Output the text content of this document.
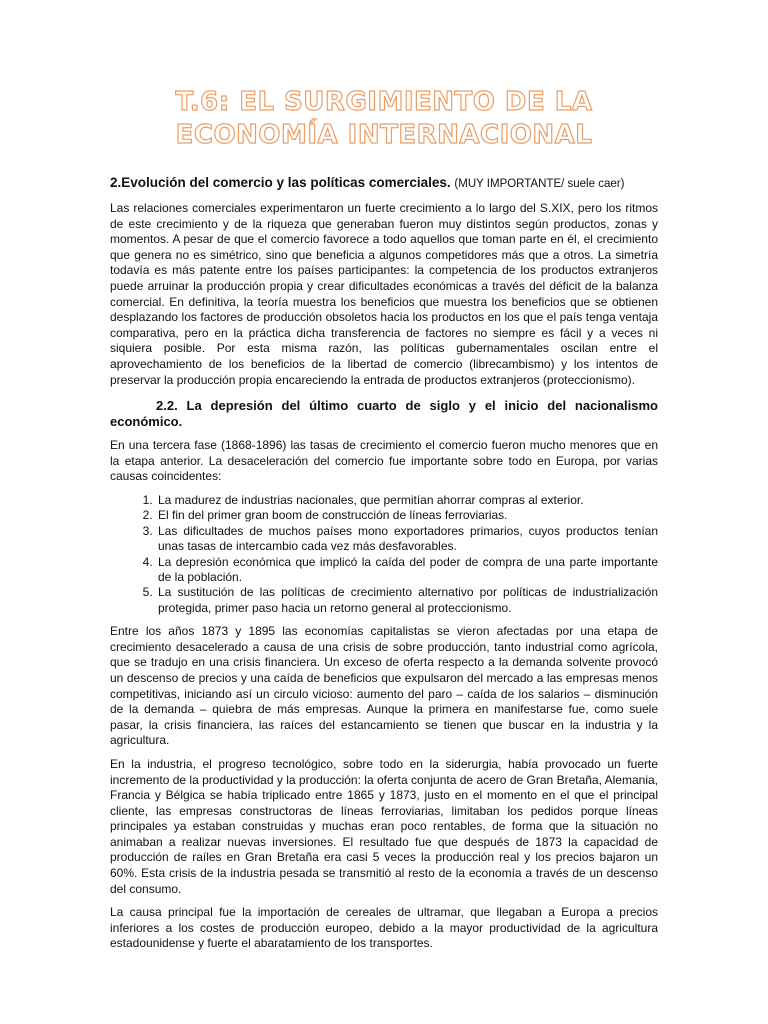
T.6: EL SURGIMIENTO DE LA
ECONOMÍA INTERNACIONAL
2.Evolución del comercio y las políticas comerciales. (MUY IMPORTANTE/ suele caer)

Las relaciones comerciales experimentaron un fuerte crecimiento a lo largo del S.XIX, pero los ritmos de este crecimiento y de la riqueza que generaban fueron muy distintos según productos, zonas y momentos. A pesar de que el comercio favorece a todo aquellos que toman parte en él, el crecimiento que genera no es simétrico, sino que beneficia a algunos competidores más que a otros. La simetría todavía es más patente entre los países participantes: la competencia de los productos extranjeros puede arruinar la producción propia y crear dificultades económicas a través del déficit de la balanza comercial. En definitiva, la teoría muestra los beneficios que muestra los beneficios que se obtienen desplazando los factores de producción obsoletos hacia los productos en los que el país tenga ventaja comparativa, pero en la práctica dicha transferencia de factores no siempre es fácil y a veces ni siquiera posible. Por esta misma razón, las políticas gubernamentales oscilan entre el aprovechamiento de los beneficios de la libertad de comercio (librecambismo) y los intentos de preservar la producción propia encareciendo la entrada de productos extranjeros (proteccionismo).

2.2. La depresión del último cuarto de siglo y el inicio del nacionalismo económico.

En una tercera fase (1868-1896) las tasas de crecimiento el comercio fueron mucho menores que en la etapa anterior. La desaceleración del comercio fue importante sobre todo en Europa, por varias causas coincidentes:

1. La madurez de industrias nacionales, que permitían ahorrar compras al exterior.
2. El fin del primer gran boom de construcción de líneas ferroviarias.
3. Las dificultades de muchos países mono exportadores primarios, cuyos productos tenían unas tasas de intercambio cada vez más desfavorables.
4. La depresión económica que implicó la caída del poder de compra de una parte importante de la población.
5. La sustitución de las políticas de crecimiento alternativo por políticas de industrialización protegida, primer paso hacia un retorno general al proteccionismo.

Entre los años 1873 y 1895 las economías capitalistas se vieron afectadas por una etapa de crecimiento desacelerado a causa de una crisis de sobre producción, tanto industrial como agrícola, que se tradujo en una crisis financiera. Un exceso de oferta respecto a la demanda solvente provocó un descenso de precios y una caída de beneficios que expulsaron del mercado a las empresas menos competitivas, iniciando así un circulo vicioso: aumento del paro – caída de los salarios – disminución de la demanda – quiebra de más empresas. Aunque la primera en manifestarse fue, como suele pasar, la crisis financiera, las raíces del estancamiento se tienen que buscar en la industria y la agricultura.

En la industria, el progreso tecnológico, sobre todo en la siderurgia, había provocado un fuerte incremento de la productividad y la producción: la oferta conjunta de acero de Gran Bretaña, Alemania, Francia y Bélgica se había triplicado entre 1865 y 1873, justo en el momento en el que el principal cliente, las empresas constructoras de líneas ferroviarias, limitaban los pedidos porque líneas principales ya estaban construidas y muchas eran poco rentables, de forma que la situación no animaban a realizar nuevas inversiones. El resultado fue que después de 1873 la capacidad de producción de raíles en Gran Bretaña era casi 5 veces la producción real y los precios bajaron un 60%. Esta crisis de la industria pesada se transmitió al resto de la economía a través de un descenso del consumo.

La causa principal fue la importación de cereales de ultramar, que llegaban a Europa a precios inferiores a los costes de producción europeo, debido a la mayor productividad de la agricultura estadounidense y fuerte el abaratamiento de los transportes.
